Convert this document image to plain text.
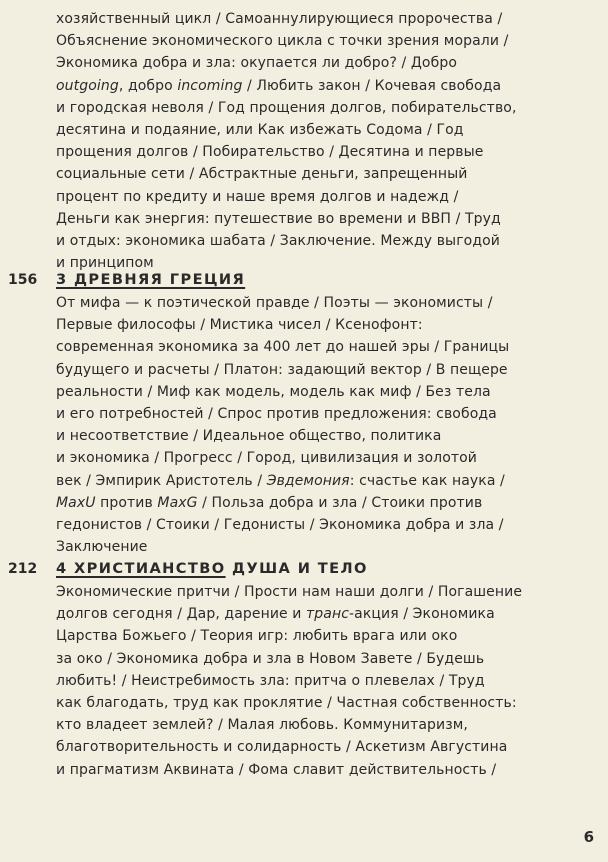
хозяйственный цикл / Самоаннулирующиеся пророчества /
Объяснение экономического цикла с точки зрения морали /
Экономика добра и зла: окупается ли добро? / Добро
outgoing, добро incoming / Любить закон / Кочевая свобода
и городская неволя / Год прощения долгов, побирательство,
десятина и подаяние, или Как избежать Содома / Год
прощения долгов / Побирательство / Десятина и первые
социальные сети / Абстрактные деньги, запрещенный
процент по кредиту и наше время долгов и надежд /
Деньги как энергия: путешествие во времени и ВВП / Труд
и отдых: экономика шабата / Заключение. Между выгодой
и принципом
156 3 ДРЕВНЯЯ ГРЕЦИЯ
От мифа — к поэтической правде / Поэты — экономисты /
Первые философы / Мистика чисел / Ксенофонт:
современная экономика за 400 лет до нашей эры / Границы
будущего и расчеты / Платон: задающий вектор / В пещере
реальности / Миф как модель, модель как миф / Без тела
и его потребностей / Спрос против предложения: свобода
и несоответствие / Идеальное общество, политика
и экономика / Прогресс / Город, цивилизация и золотой
век / Эмпирик Аристотель / Эвдемония: счастье как наука /
MaxU против MaxG / Польза добра и зла / Стоики против
гедонистов / Стоики / Гедонисты / Экономика добра и зла /
Заключение
212 4 ХРИСТИАНСТВО ДУША И ТЕЛО
Экономические притчи / Прости нам наши долги / Погашение
долгов сегодня / Дар, дарение и транс-акция / Экономика
Царства Божьего / Теория игр: любить врага или око
за око / Экономика добра и зла в Новом Завете / Будешь
любить! / Неистребимость зла: притча о плевелах / Труд
как благодать, труд как проклятие / Частная собственность:
кто владеет землей? / Малая любовь. Коммунитаризм,
благотворительность и солидарность / Аскетизм Августина
и прагматизм Аквината / Фома славит действительность /
6
